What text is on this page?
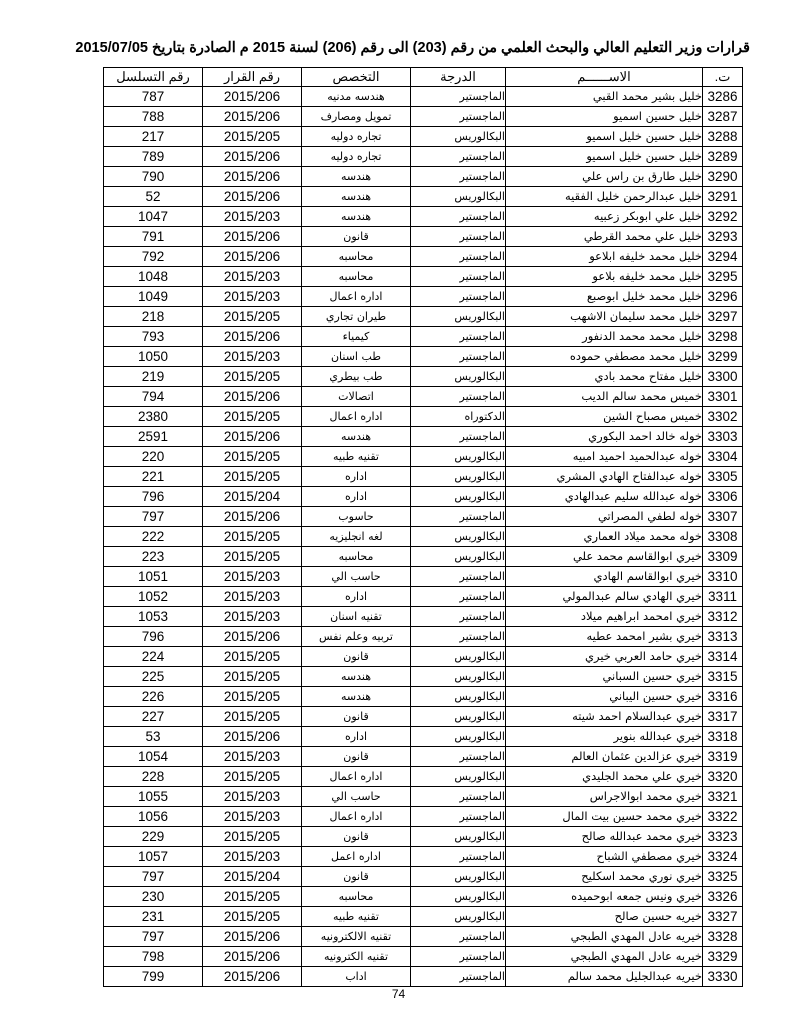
قرارات وزير التعليم العالي والبحث العلمي من رقم (203) الى رقم (206) لسنة 2015 م الصادرة بتاريخ 2015/07/05
ت.	الاســــــم	الدرجة	التخصص	رقم القرار	رقم التسلسل
3286	خليل بشير محمد القبي	الماجستير	هندسه مدنيه	2015/206	787
3287	خليل حسين اسميو	الماجستير	تمويل ومصارف	2015/206	788
3288	خليل حسين خليل اسميو	البكالوريس	تجاره دوليه	2015/205	217
3289	خليل حسين خليل اسميو	الماجستير	تجاره دوليه	2015/206	789
3290	خليل طارق بن راس علي	الماجستير	هندسه	2015/206	790
3291	خليل عبدالرحمن خليل الفقيه	البكالوريس	هندسه	2015/206	52
3292	خليل علي ابوبكر زعبيه	الماجستير	هندسه	2015/203	1047
3293	خليل علي محمد القرطي	الماجستير	قانون	2015/206	791
3294	خليل محمد خليفه ابلاعو	الماجستير	محاسبه	2015/206	792
3295	خليل محمد خليفه بلاعو	الماجستير	محاسبه	2015/203	1048
3296	خليل محمد خليل ابوصبع	الماجستير	اداره اعمال	2015/203	1049
3297	خليل محمد سليمان الاشهب	البكالوريس	طيران تجاري	2015/205	218
3298	خليل محمد محمد الدنفور	الماجستير	كيمياء	2015/206	793
3299	خليل محمد مصطفي حموده	الماجستير	طب اسنان	2015/203	1050
3300	خليل مفتاح محمد بادي	البكالوريس	طب بيطري	2015/205	219
3301	خميس محمد سالم الديب	الماجستير	اتصالات	2015/206	794
3302	خميس مصباح الشين	الدكتوراه	اداره اعمال	2015/205	2380
3303	خوله خالد احمد البكوري	الماجستير	هندسه	2015/206	2591
3304	خوله عبدالحميد احميد امبيه	البكالوريس	تقنيه طبيه	2015/205	220
3305	خوله عبدالفتاح الهادي المشري	البكالوريس	اداره	2015/205	221
3306	خوله عبدالله سليم عبدالهادي	البكالوريس	اداره	2015/204	796
3307	خوله لطفي المصراتي	الماجستير	حاسوب	2015/206	797
3308	خوله محمد ميلاد العماري	البكالوريس	لغه انجليزيه	2015/205	222
3309	خيري ابوالقاسم محمد علي	البكالوريس	محاسبه	2015/205	223
3310	خيري ابوالقاسم الهادي	الماجستير	حاسب الي	2015/203	1051
3311	خيري الهادي سالم عبدالمولي	الماجستير	اداره	2015/203	1052
3312	خيري امحمد ابراهيم ميلاد	الماجستير	تقنيه اسنان	2015/203	1053
3313	خيري بشير امحمد عطيه	الماجستير	تربيه وعلم نفس	2015/206	796
3314	خيري حامد العربي خيري	البكالوريس	قانون	2015/205	224
3315	خيري حسين السباني	البكالوريس	هندسه	2015/205	225
3316	خيري حسين اليباني	البكالوريس	هندسه	2015/205	226
3317	خيري عبدالسلام احمد شيته	البكالوريس	قانون	2015/205	227
3318	خيري عبدالله بنوير	البكالوريس	اداره	2015/206	53
3319	خيري عزالدين عثمان العالم	الماجستير	قانون	2015/203	1054
3320	خيري علي محمد الجليدي	البكالوريس	اداره اعمال	2015/205	228
3321	خيري محمد ابوالاجراس	الماجستير	حاسب الي	2015/203	1055
3322	خيري محمد حسين بيت المال	الماجستير	اداره اعمال	2015/203	1056
3323	خيري محمد عبدالله صالح	البكالوريس	قانون	2015/205	229
3324	خيري مصطفي الشباح	الماجستير	اداره اعمل	2015/203	1057
3325	خيري نوري محمد اسكليح	البكالوريس	قانون	2015/204	797
3326	خيري ونيس جمعه ابوحميده	البكالوريس	محاسبه	2015/205	230
3327	خيريه حسين صالح	البكالوريس	تقنيه طبيه	2015/205	231
3328	خيريه عادل المهدي الطبجي	الماجستير	تقنيه الالكترونيه	2015/206	797
3329	خيريه عادل المهدي الطبجي	الماجستير	تقنيه الكترونيه	2015/206	798
3330	خيريه عبدالجليل محمد سالم	الماجستير	اداب	2015/206	799
74
